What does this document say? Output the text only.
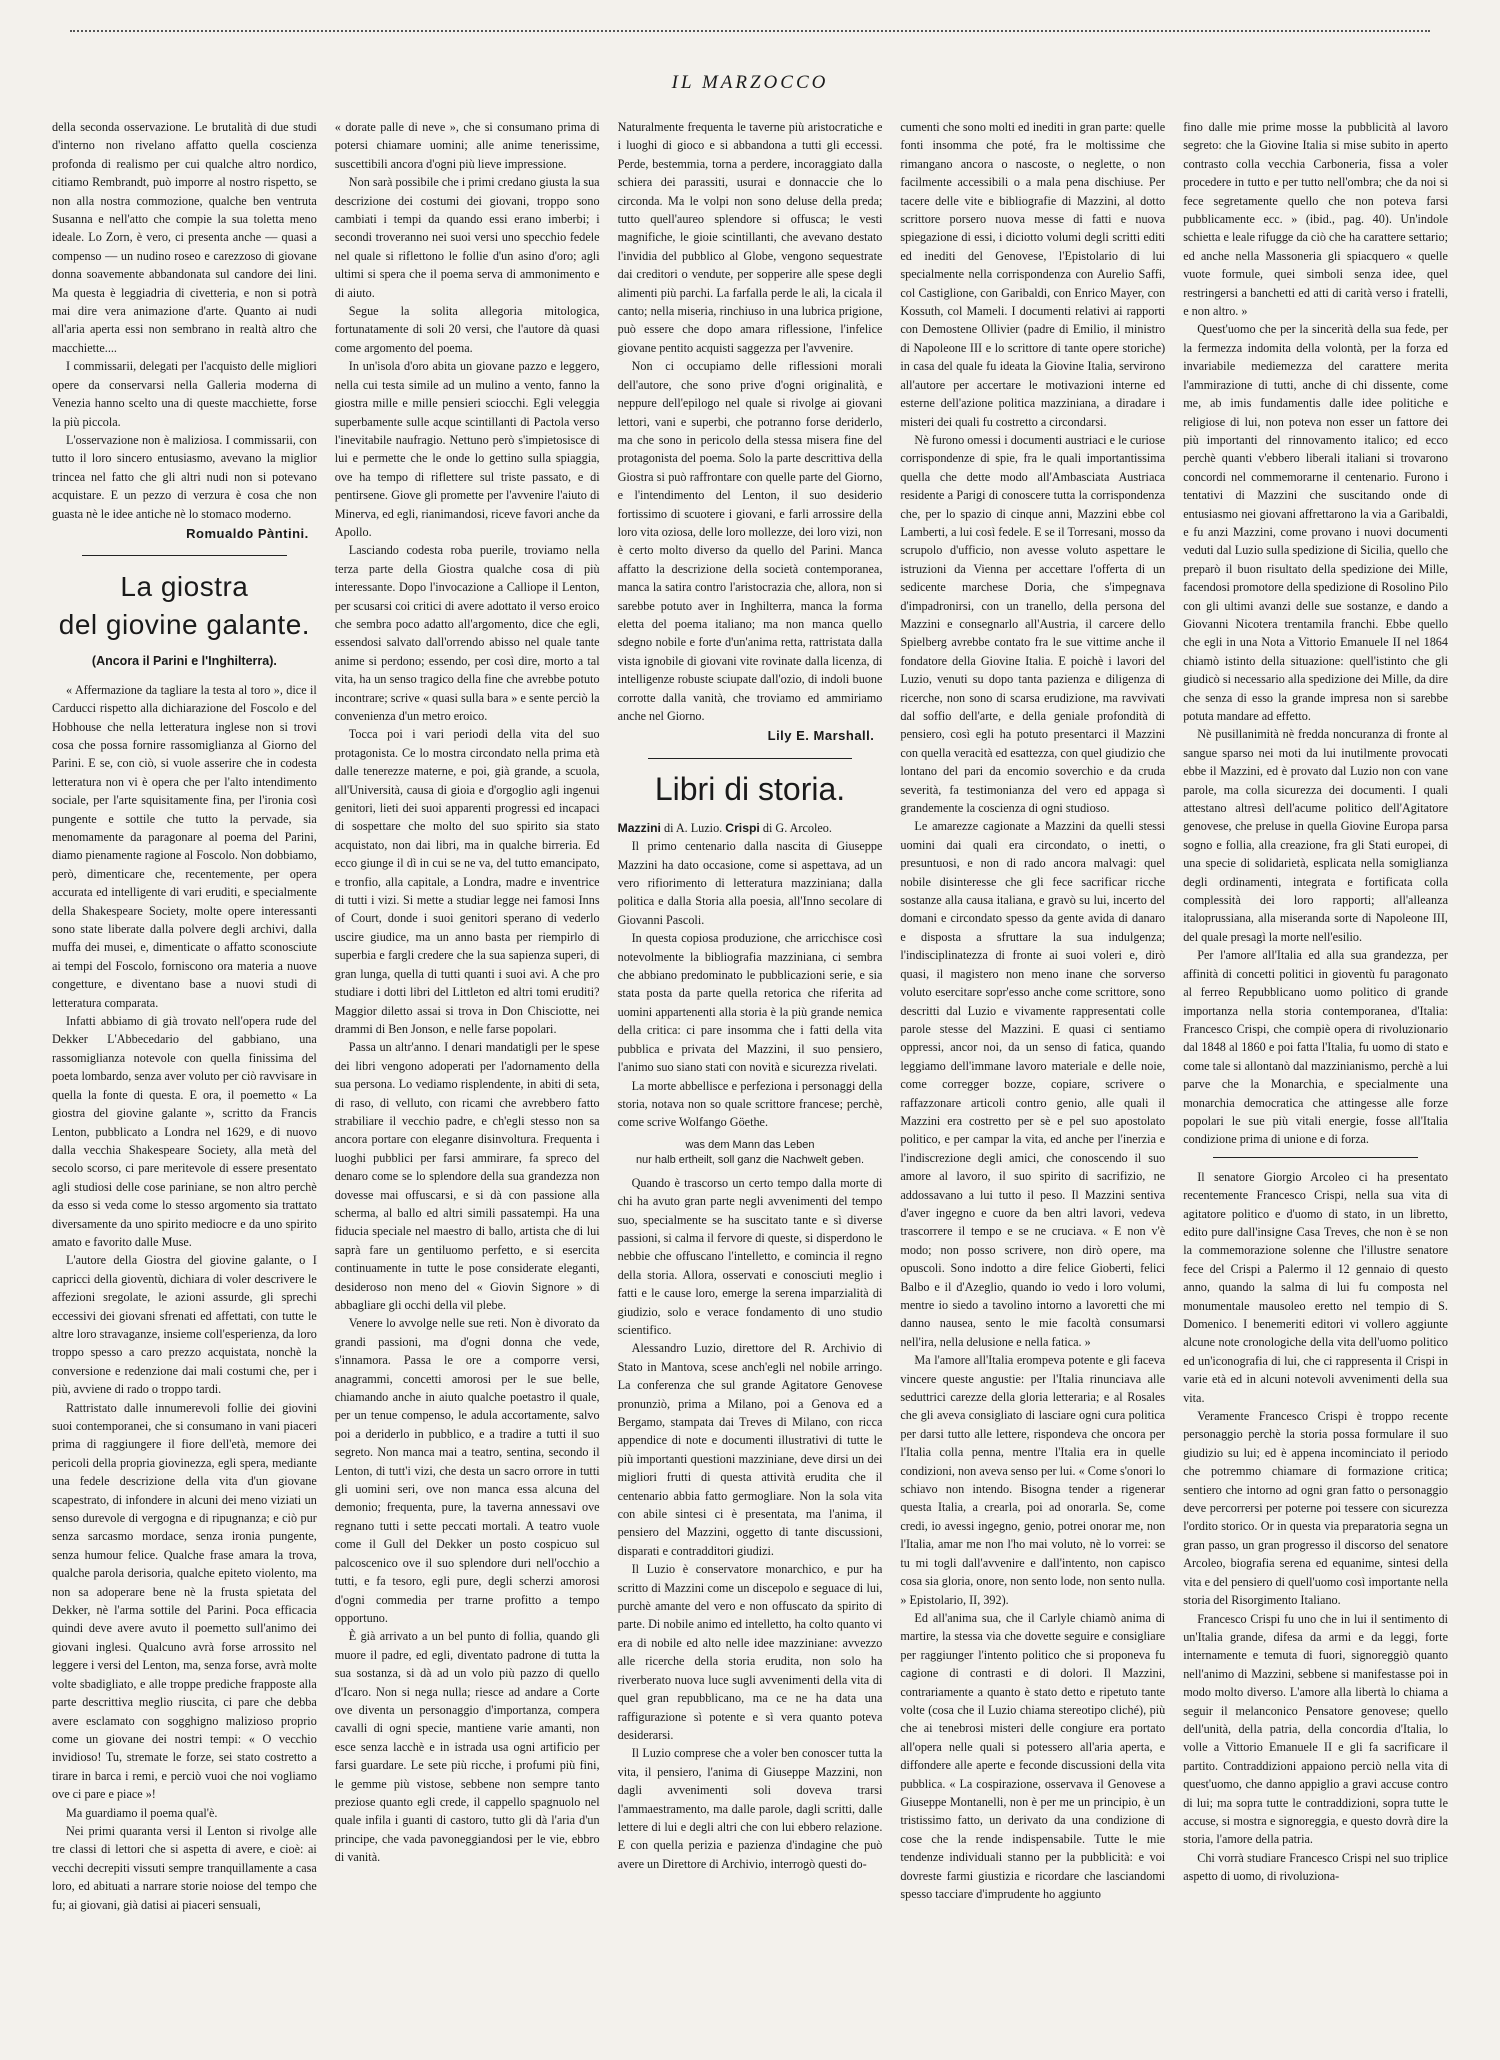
IL MARZOCCO

della seconda osservazione. Le brutalità di due studi d'interno non rivelano affatto quella coscienza profonda di realismo per cui qualche altro nordico, citiamo Rembrandt, può imporre al nostro rispetto, se non alla nostra commozione, qualche ben ventruta Susanna e nell'atto che compie la sua toletta meno ideale. Lo Zorn, è vero, ci presenta anche — quasi a compenso — un nudino roseo e carezzoso di giovane donna soavemente abbandonata sul candore dei lini. Ma questa è leggiadria di civetteria, e non si potrà mai dire vera animazione d'arte. Quanto ai nudi all'aria aperta essi non sembrano in realtà altro che macchiette....

I commissarii, delegati per l'acquisto delle migliori opere da conservarsi nella Galleria moderna di Venezia hanno scelto una di queste macchiette, forse la più piccola.

L'osservazione non è maliziosa. I commissarii, con tutto il loro sincero entusiasmo, avevano la miglior trincea nel fatto che gli altri nudi non si potevano acquistare. E un pezzo di verzura è cosa che non guasta nè le idee antiche nè lo stomaco moderno.

Romualdo Pàntini.
La giostra
del giovine galante.
(Ancora il Parini e l'Inghilterra).

« Affermazione da tagliare la testa al toro », dice il Carducci rispetto alla dichiarazione del Foscolo e del Hobhouse che nella letteratura inglese non si trovi cosa che possa fornire rassomiglianza al Giorno del Parini. E se, con ciò, si vuole asserire che in codesta letteratura non vi è opera che per l'alto intendimento sociale, per l'arte squisitamente fina, per l'ironia così pungente e sottile che tutto la pervade, sia menomamente da paragonare al poema del Parini, diamo pienamente ragione al Foscolo. Non dobbiamo, però, dimenticare che, recentemente, per opera accurata ed intelligente di vari eruditi, e specialmente della Shakespeare Society, molte opere interessanti sono state liberate dalla polvere degli archivi, dalla muffa dei musei, e, dimenticate o affatto sconosciute ai tempi del Foscolo, forniscono ora materia a nuove congetture, e diventano base a nuovi studi di letteratura comparata.

Infatti abbiamo di già trovato nell'opera rude del Dekker L'Abbecedario del gabbiano, una rassomiglianza notevole con quella finissima del poeta lombardo, senza aver voluto per ciò ravvisare in quella la fonte di questa. E ora, il poemetto « La giostra del giovine galante », scritto da Francis Lenton, pubblicato a Londra nel 1629, e di nuovo dalla vecchia Shakespeare Society, alla metà del secolo scorso, ci pare meritevole di essere presentato agli studiosi delle cose pariniane, se non altro perchè da esso si veda come lo stesso argomento sia trattato diversamente da uno spirito mediocre e da uno spirito amato e favorito dalle Muse.

L'autore della Giostra del giovine galante, o I capricci della gioventù, dichiara di voler descrivere le affezioni sregolate, le azioni assurde, gli sprechi eccessivi dei giovani sfrenati ed affettati, con tutte le altre loro stravaganze, insieme coll'esperienza, da loro troppo spesso a caro prezzo acquistata, nonchè la conversione e redenzione dai mali costumi che, per i più, avviene di rado o troppo tardi.

Rattristato dalle innumerevoli follie dei giovini suoi contemporanei, che si consumano in vani piaceri prima di raggiungere il fiore dell'età, memore dei pericoli della propria giovinezza, egli spera, mediante una fedele descrizione della vita d'un giovane scapestrato, di infondere in alcuni dei meno viziati un senso durevole di vergogna e di ripugnanza; e ciò pur senza sarcasmo mordace, senza ironia pungente, senza humour felice. Qualche frase amara la trova, qualche parola derisoria, qualche epiteto violento, ma non sa adoperare bene nè la frusta spietata del Dekker, nè l'arma sottile del Parini. Poca efficacia quindi deve avere avuto il poemetto sull'animo dei giovani inglesi. Qualcuno avrà forse arrossito nel leggere i versi del Lenton, ma, senza forse, avrà molte volte sbadigliato, e alle troppe prediche frapposte alla parte descrittiva meglio riuscita, ci pare che debba avere esclamato con sogghigno malizioso proprio come un giovane dei nostri tempi: « O vecchio invidioso! Tu, stremate le forze, sei stato costretto a tirare in barca i remi, e perciò vuoi che noi vogliamo ove ci pare e piace »!

Ma guardiamo il poema qual'è.

Nei primi quaranta versi il Lenton si rivolge alle tre classi di lettori che si aspetta di avere, e cioè: ai vecchi decrepiti vissuti sempre tranquillamente a casa loro, ed abituati a narrare storie noiose del tempo che fu; ai giovani, già datisi ai piaceri sensuali,

« dorate palle di neve », che si consumano prima di potersi chiamare uomini; alle anime tenerissime, suscettibili ancora d'ogni più lieve impressione.

Non sarà possibile che i primi credano giusta la sua descrizione dei costumi dei giovani, troppo sono cambiati i tempi da quando essi erano imberbi; i secondi troveranno nei suoi versi uno specchio fedele nel quale si riflettono le follie d'un asino d'oro; agli ultimi si spera che il poema serva di ammonimento e di aiuto.

Segue la solita allegoria mitologica, fortunatamente di soli 20 versi, che l'autore dà quasi come argomento del poema.

In un'isola d'oro abita un giovane pazzo e leggero, nella cui testa simile ad un mulino a vento, fanno la giostra mille e mille pensieri sciocchi. Egli veleggia superbamente sulle acque scintillanti di Pactola verso l'inevitabile naufragio. Nettuno però s'impietosisce di lui e permette che le onde lo gettino sulla spiaggia, ove ha tempo di riflettere sul triste passato, e di pentirsene. Giove gli promette per l'avvenire l'aiuto di Minerva, ed egli, rianimandosi, riceve favori anche da Apollo.

Lasciando codesta roba puerile, troviamo nella terza parte della Giostra qualche cosa di più interessante. Dopo l'invocazione a Calliope il Lenton, per scusarsi coi critici di avere adottato il verso eroico che sembra poco adatto all'argomento, dice che egli, essendosi salvato dall'orrendo abisso nel quale tante anime si perdono; essendo, per così dire, morto a tal vita, ha un senso tragico della fine che avrebbe potuto incontrare; scrive « quasi sulla bara » e sente perciò la convenienza d'un metro eroico.

Tocca poi i vari periodi della vita del suo protagonista. Ce lo mostra circondato nella prima età dalle tenerezze materne, e poi, già grande, a scuola, all'Università, causa di gioia e d'orgoglio agli ingenui genitori, lieti dei suoi apparenti progressi ed incapaci di sospettare che molto del suo spirito sia stato acquistato, non dai libri, ma in qualche birreria. Ed ecco giunge il dì in cui se ne va, del tutto emancipato, e tronfio, alla capitale, a Londra, madre e inventrice di tutti i vizi. Si mette a studiar legge nei famosi Inns of Court, donde i suoi genitori sperano di vederlo uscire giudice, ma un anno basta per riempirlo di superbia e fargli credere che la sua sapienza superi, di gran lunga, quella di tutti quanti i suoi avi. A che pro studiare i dotti libri del Littleton ed altri tomi eruditi? Maggior diletto assai si trova in Don Chisciotte, nei drammi di Ben Jonson, e nelle farse popolari.

Passa un altr'anno. I denari mandatigli per le spese dei libri vengono adoperati per l'adornamento della sua persona. Lo vediamo risplendente, in abiti di seta, di raso, di velluto, con ricami che avrebbero fatto strabiliare il vecchio padre, e ch'egli stesso non sa ancora portare con eleganre disinvoltura. Frequenta i luoghi pubblici per farsi ammirare, fa spreco del denaro come se lo splendore della sua grandezza non dovesse mai offuscarsi, e si dà con passione alla scherma, al ballo ed altri simili passatempi. Ha una fiducia speciale nel maestro di ballo, artista che di lui saprà fare un gentiluomo perfetto, e si esercita continuamente in tutte le pose considerate eleganti, desideroso non meno del « Giovin Signore » di abbagliare gli occhi della vil plebe.

Venere lo avvolge nelle sue reti. Non è divorato da grandi passioni, ma d'ogni donna che vede, s'innamora. Passa le ore a comporre versi, anagrammi, concetti amorosi per le sue belle, chiamando anche in aiuto qualche poetastro il quale, per un tenue compenso, le adula accortamente, salvo poi a deriderlo in pubblico, e a tradire a tutti il suo segreto. Non manca mai a teatro, sentina, secondo il Lenton, di tutt'i vizi, che desta un sacro orrore in tutti gli uomini seri, ove non manca essa alcuna del demonio; frequenta, pure, la taverna annessavi ove regnano tutti i sette peccati mortali. A teatro vuole come il Gull del Dekker un posto cospicuo sul palcoscenico ove il suo splendore duri nell'occhio a tutti, e fa tesoro, egli pure, degli scherzi amorosi d'ogni commedia per trarne profitto a tempo opportuno.

È già arrivato a un bel punto di follia, quando gli muore il padre, ed egli, diventato padrone di tutta la sua sostanza, si dà ad un volo più pazzo di quello d'Icaro. Non si nega nulla; riesce ad andare a Corte ove diventa un personaggio d'importanza, compera cavalli di ogni specie, mantiene varie amanti, non esce senza lacchè e in istrada usa ogni artificio per farsi guardare. Le sete più ricche, i profumi più fini, le gemme più vistose, sebbene non sempre tanto preziose quanto egli crede, il cappello spagnuolo nel quale infila i guanti di castoro, tutto gli dà l'aria d'un principe, che vada pavoneggiandosi per le vie, ebbro di vanità.

Naturalmente frequenta le taverne più aristocratiche e i luoghi di gioco e si abbandona a tutti gli eccessi. Perde, bestemmia, torna a perdere, incoraggiato dalla schiera dei parassiti, usurai e donnaccie che lo circonda. Ma le volpi non sono deluse della preda; tutto quell'aureo splendore si offusca; le vesti magnifiche, le gioie scintillanti, che avevano destato l'invidia del pubblico al Globe, vengono sequestrate dai creditori o vendute, per sopperire alle spese degli alimenti più parchi. La farfalla perde le ali, la cicala il canto; nella miseria, rinchiuso in una lubrica prigione, può essere che dopo amara riflessione, l'infelice giovane pentito acquisti saggezza per l'avvenire.

Non ci occupiamo delle riflessioni morali dell'autore, che sono prive d'ogni originalità, e neppure dell'epilogo nel quale si rivolge ai giovani lettori, vani e superbi, che potranno forse deriderlo, ma che sono in pericolo della stessa misera fine del protagonista del poema. Solo la parte descrittiva della Giostra si può raffrontare con quelle parte del Giorno, e l'intendimento del Lenton, il suo desiderio fortissimo di scuotere i giovani, e farli arrossire della loro vita oziosa, delle loro mollezze, dei loro vizi, non è certo molto diverso da quello del Parini. Manca affatto la descrizione della società contemporanea, manca la satira contro l'aristocrazia che, allora, non si sarebbe potuto aver in Inghilterra, manca la forma eletta del poema italiano; ma non manca quello sdegno nobile e forte d'un'anima retta, rattristata dalla vista ignobile di giovani vite rovinate dalla licenza, di intelligenze robuste sciupate dall'ozio, di indoli buone corrotte dalla vanità, che troviamo ed ammiriamo anche nel Giorno.

Lily E. Marshall.
Libri di storia.

Mazzini di A. Luzio. Crispi di G. Arcoleo.

Il primo centenario dalla nascita di Giuseppe Mazzini ha dato occasione, come si aspettava, ad un vero rifiorimento di letteratura mazziniana; dalla politica e dalla Storia alla poesia, all'Inno secolare di Giovanni Pascoli.

In questa copiosa produzione, che arricchisce così notevolmente la bibliografia mazziniana, ci sembra che abbiano predominato le pubblicazioni serie, e sia stata posta da parte quella retorica che riferita ad uomini appartenenti alla storia è la più grande nemica della critica: ci pare insomma che i fatti della vita pubblica e privata del Mazzini, il suo pensiero, l'animo suo siano stati con novità e sicurezza rivelati.

La morte abbellisce e perfeziona i personaggi della storia, notava non so quale scrittore francese; perchè, come scrive Wolfango Göethe.

was dem Mann das Leben
nur halb ertheilt, soll ganz die Nachwelt geben.

Quando è trascorso un certo tempo dalla morte di chi ha avuto gran parte negli avvenimenti del tempo suo, specialmente se ha suscitato tante e sì diverse passioni, si calma il fervore di queste, si disperdono le nebbie che offuscano l'intelletto, e comincia il regno della storia. Allora, osservati e conosciuti meglio i fatti e le cause loro, emerge la serena imparzialità di giudizio, solo e verace fondamento di uno studio scientifico.

Alessandro Luzio, direttore del R. Archivio di Stato in Mantova, scese anch'egli nel nobile arringo. La conferenza che sul grande Agitatore Genovese pronunziò, prima a Milano, poi a Genova ed a Bergamo, stampata dai Treves di Milano, con ricca appendice di note e documenti illustrativi di tutte le più importanti questioni mazziniane, deve dirsi un dei migliori frutti di questa attività erudita che il centenario abbia fatto germogliare. Non la sola vita con abile sintesi ci è presentata, ma l'anima, il pensiero del Mazzini, oggetto di tante discussioni, disparati e contradditori giudizi.

Il Luzio è conservatore monarchico, e pur ha scritto di Mazzini come un discepolo e seguace di lui, purchè amante del vero e non offuscato da spirito di parte. Di nobile animo ed intelletto, ha colto quanto vi era di nobile ed alto nelle idee mazziniane: avvezzo alle ricerche della storia erudita, non solo ha riverberato nuova luce sugli avvenimenti della vita di quel gran repubblicano, ma ce ne ha data una raffigurazione sì potente e sì vera quanto poteva desiderarsi.

Il Luzio comprese che a voler ben conoscer tutta la vita, il pensiero, l'anima di Giuseppe Mazzini, non dagli avvenimenti soli doveva trarsi l'ammaestramento, ma dalle parole, dagli scritti, dalle lettere di lui e degli altri che con lui ebbero relazione. E con quella perizia e pazienza d'indagine che può avere un Direttore di Archivio, interrogò questi do-

cumenti che sono molti ed inediti in gran parte: quelle fonti insomma che poté, fra le moltissime che rimangano ancora o nascoste, o neglette, o non facilmente accessibili o a mala pena dischiuse. Per tacere delle vite e bibliografie di Mazzini, al dotto scrittore porsero nuova messe di fatti e nuova spiegazione di essi, i diciotto volumi degli scritti editi ed inediti del Genovese, l'Epistolario di lui specialmente nella corrispondenza con Aurelio Saffi, col Castiglione, con Garibaldi, con Enrico Mayer, con Kossuth, col Mameli. I documenti relativi ai rapporti con Demostene Ollivier (padre di Emilio, il ministro di Napoleone III e lo scrittore di tante opere storiche) in casa del quale fu ideata la Giovine Italia, servirono all'autore per accertare le motivazioni interne ed esterne dell'azione politica mazziniana, a diradare i misteri dei quali fu costretto a circondarsi.

Nè furono omessi i documenti austriaci e le curiose corrispondenze di spie, fra le quali importantissima quella che dette modo all'Ambasciata Austriaca residente a Parigi di conoscere tutta la corrispondenza che, per lo spazio di cinque anni, Mazzini ebbe col Lamberti, a lui così fedele. E se il Torresani, mosso da scrupolo d'ufficio, non avesse voluto aspettare le istruzioni da Vienna per accettare l'offerta di un sedicente marchese Doria, che s'impegnava d'impadronirsi, con un tranello, della persona del Mazzini e consegnarlo all'Austria, il carcere dello Spielberg avrebbe contato fra le sue vittime anche il fondatore della Giovine Italia. E poichè i lavori del Luzio, venuti su dopo tanta pazienza e diligenza di ricerche, non sono di scarsa erudizione, ma ravvivati dal soffio dell'arte, e della geniale profondità di pensiero, così egli ha potuto presentarci il Mazzini con quella veracità ed esattezza, con quel giudizio che lontano del pari da encomio soverchio e da cruda severità, fa testimonianza del vero ed appaga sì grandemente la coscienza di ogni studioso.

Le amarezze cagionate a Mazzini da quelli stessi uomini dai quali era circondato, o inetti, o presuntuosi, e non di rado ancora malvagi: quel nobile disinteresse che gli fece sacrificar ricche sostanze alla causa italiana, e gravò su lui, incerto del domani e circondato spesso da gente avida di danaro e disposta a sfruttare la sua indulgenza; l'indisciplinatezza di fronte ai suoi voleri e, dirò quasi, il magistero non meno inane che sorverso voluto esercitare sopr'esso anche come scrittore, sono descritti dal Luzio e vivamente rappresentati colle parole stesse del Mazzini. E quasi ci sentiamo oppressi, ancor noi, da un senso di fatica, quando leggiamo dell'immane lavoro materiale e delle noie, come corregger bozze, copiare, scrivere o raffazzonare articoli contro genio, alle quali il Mazzini era costretto per sè e pel suo apostolato politico, e per campar la vita, ed anche per l'inerzia e l'indiscrezione degli amici, che conoscendo il suo amore al lavoro, il suo spirito di sacrifizio, ne addossavano a lui tutto il peso. Il Mazzini sentiva d'aver ingegno e cuore da ben altri lavori, vedeva trascorrere il tempo e se ne cruciava. « E non v'è modo; non posso scrivere, non dirò opere, ma opuscoli. Sono indotto a dire felice Gioberti, felici Balbo e il d'Azeglio, quando io vedo i loro volumi, mentre io siedo a tavolino intorno a lavoretti che mi danno nausea, sento le mie facoltà consumarsi nell'ira, nella delusione e nella fatica. »

Ma l'amore all'Italia erompeva potente e gli faceva vincere queste angustie: per l'Italia rinunciava alle seduttrici carezze della gloria letteraria; e al Rosales che gli aveva consigliato di lasciare ogni cura politica per darsi tutto alle lettere, rispondeva che oncora per l'Italia colla penna, mentre l'Italia era in quelle condizioni, non aveva senso per lui. « Come s'onori lo schiavo non intendo. Bisogna tender a rigenerar questa Italia, a crearla, poi ad onorarla. Se, come credi, io avessi ingegno, genio, potrei onorar me, non l'Italia, amar me non l'ho mai voluto, nè lo vorrei: se tu mi togli dall'avvenire e dall'intento, non capisco cosa sia gloria, onore, non sento lode, non sento nulla. » Epistolario, II, 392).

Ed all'anima sua, che il Carlyle chiamò anima di martire, la stessa via che dovette seguire e consigliare per raggiunger l'intento politico che si proponeva fu cagione di contrasti e di dolori. Il Mazzini, contrariamente a quanto è stato detto e ripetuto tante volte (cosa che il Luzio chiama stereotipo cliché), più che ai tenebrosi misteri delle congiure era portato all'opera nelle quali si potessero all'aria aperta, e diffondere alle aperte e feconde discussioni della vita pubblica. « La cospirazione, osservava il Genovese a Giuseppe Montanelli, non è per me un principio, è un tristissimo fatto, un derivato da una condizione di cose che la rende indispensabile. Tutte le mie tendenze individuali stanno per la pubblicità: e voi dovreste farmi giustizia e ricordare che lasciandomi spesso tacciare d'imprudente ho aggiunto

fino dalle mie prime mosse la pubblicità al lavoro segreto: che la Giovine Italia si mise subito in aperto contrasto colla vecchia Carboneria, fissa a voler procedere in tutto e per tutto nell'ombra; che da noi si fece segretamente quello che non poteva farsi pubblicamente ecc. » (ibid., pag. 40). Un'indole schietta e leale rifugge da ciò che ha carattere settario; ed anche nella Massoneria gli spiacquero « quelle vuote formule, quei simboli senza idee, quel restringersi a banchetti ed atti di carità verso i fratelli, e non altro. »

Quest'uomo che per la sincerità della sua fede, per la fermezza indomita della volontà, per la forza ed invariabile mediemezza del carattere merita l'ammirazione di tutti, anche di chi dissente, come me, ab imis fundamentis dalle idee politiche e religiose di lui, non poteva non esser un fattore dei più importanti del rinnovamento italico; ed ecco perchè quanti v'ebbero liberali italiani si trovarono concordi nel commemorarne il centenario. Furono i tentativi di Mazzini che suscitando onde di entusiasmo nei giovani affrettarono la via a Garibaldi, e fu anzi Mazzini, come provano i nuovi documenti veduti dal Luzio sulla spedizione di Sicilia, quello che preparò il buon risultato della spedizione dei Mille, facendosi promotore della spedizione di Rosolino Pilo con gli ultimi avanzi delle sue sostanze, e dando a Giovanni Nicotera trentamila franchi. Ebbe quello che egli in una Nota a Vittorio Emanuele II nel 1864 chiamò istinto della situazione: quell'istinto che gli giudicò si necessario alla spedizione dei Mille, da dire che senza di esso la grande impresa non si sarebbe potuta mandare ad effetto.

Nè pusillanimità nè fredda noncuranza di fronte al sangue sparso nei moti da lui inutilmente provocati ebbe il Mazzini, ed è provato dal Luzio non con vane parole, ma colla sicurezza dei documenti. I quali attestano altresì dell'acume politico dell'Agitatore genovese, che preluse in quella Giovine Europa parsa sogno e follia, alla creazione, fra gli Stati europei, di una specie di solidarietà, esplicata nella somiglianza degli ordinamenti, integrata e fortificata colla complessità dei loro rapporti; all'alleanza italoprussiana, alla miseranda sorte di Napoleone III, del quale presagì la morte nell'esilio.

Per l'amore all'Italia ed alla sua grandezza, per affinità di concetti politici in gioventù fu paragonato al ferreo Repubblicano uomo politico di grande importanza nella storia contemporanea, d'Italia: Francesco Crispi, che compiè opera di rivoluzionario dal 1848 al 1860 e poi fatta l'Italia, fu uomo di stato e come tale si allontanò dal mazzinianismo, perchè a lui parve che la Monarchia, e specialmente una monarchia democratica che attingesse alle forze popolari le sue più vitali energie, fosse all'Italia condizione prima di unione e di forza.

Il senatore Giorgio Arcoleo ci ha presentato recentemente Francesco Crispi, nella sua vita di agitatore politico e d'uomo di stato, in un libretto, edito pure dall'insigne Casa Treves, che non è se non la commemorazione solenne che l'illustre senatore fece del Crispi a Palermo il 12 gennaio di questo anno, quando la salma di lui fu composta nel monumentale mausoleo eretto nel tempio di S. Domenico. I benemeriti editori vi vollero aggiunte alcune note cronologiche della vita dell'uomo politico ed un'iconografia di lui, che ci rappresenta il Crispi in varie età ed in alcuni notevoli avvenimenti della sua vita.

Veramente Francesco Crispi è troppo recente personaggio perchè la storia possa formulare il suo giudizio su lui; ed è appena incominciato il periodo che potremmo chiamare di formazione critica; sentiero che intorno ad ogni gran fatto o personaggio deve percorrersi per poterne poi tessere con sicurezza l'ordito storico. Or in questa via preparatoria segna un gran passo, un gran progresso il discorso del senatore Arcoleo, biografia serena ed equanime, sintesi della vita e del pensiero di quell'uomo così importante nella storia del Risorgimento Italiano.

Francesco Crispi fu uno che in lui il sentimento di un'Italia grande, difesa da armi e da leggi, forte internamente e temuta di fuori, signoreggiò quanto nell'animo di Mazzini, sebbene si manifestasse poi in modo molto diverso. L'amore alla libertà lo chiama a seguir il melanconico Pensatore genovese; quello dell'unità, della patria, della concordia d'Italia, lo volle a Vittorio Emanuele II e gli fa sacrificare il partito. Contraddizioni appaiono perciò nella vita di quest'uomo, che danno appiglio a gravi accuse contro di lui; ma sopra tutte le contraddizioni, sopra tutte le accuse, si mostra e signoreggia, e questo dovrà dire la storia, l'amore della patria.

Chi vorrà studiare Francesco Crispi nel suo triplice aspetto di uomo, di rivoluziona-
